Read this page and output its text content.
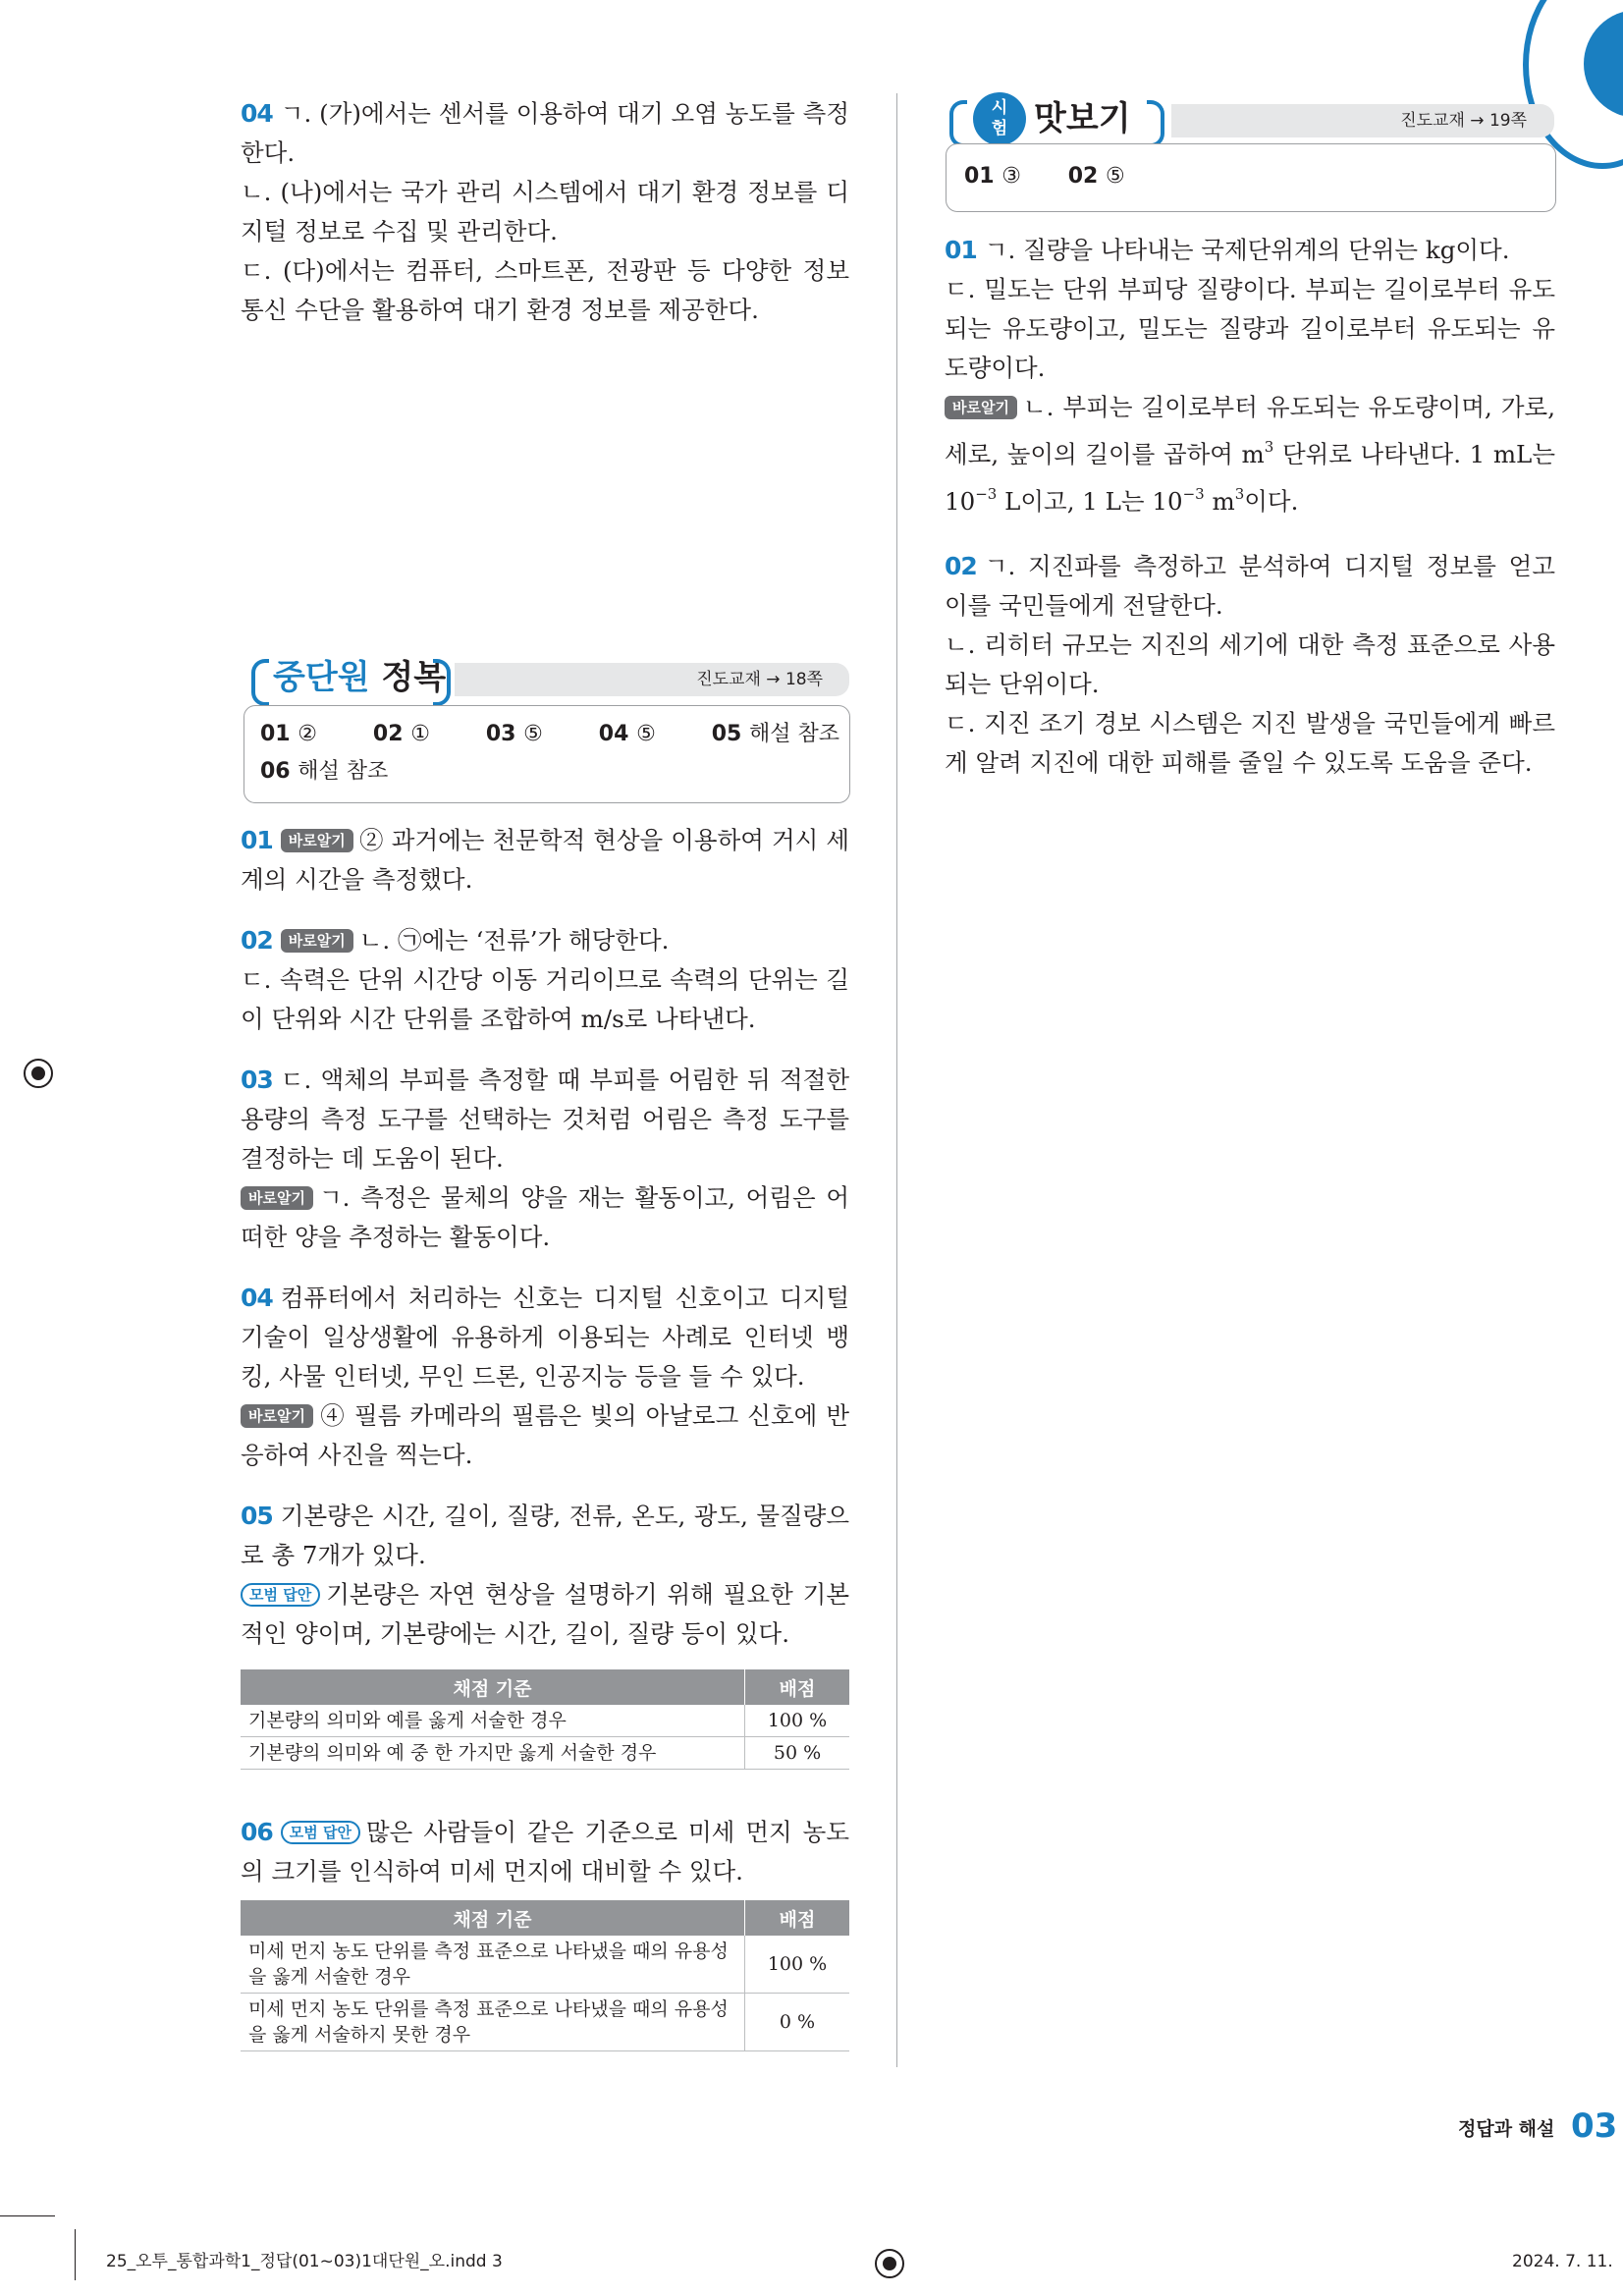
04 ㄱ. (가)에서는 센서를 이용하여 대기 오염 농도를 측정한다.

ㄴ. (나)에서는 국가 관리 시스템에서 대기 환경 정보를 디지털 정보로 수집 및 관리한다.

ㄷ. (다)에서는 컴퓨터, 스마트폰, 전광판 등 다양한 정보 통신 수단을 활용하여 대기 환경 정보를 제공한다.

중단원 정복	진도교재 → 18쪽
01 ②	02 ①	03 ⑤	04 ⑤	05 해설 참조
06 해설 참조

01 바로알기 ② 과거에는 천문학적 현상을 이용하여 거시 세계의 시간을 측정했다.

02 바로알기 ㄴ. ㉠에는 ‘전류’가 해당한다.

ㄷ. 속력은 단위 시간당 이동 거리이므로 속력의 단위는 길이 단위와 시간 단위를 조합하여 m/s로 나타낸다.

03 ㄷ. 액체의 부피를 측정할 때 부피를 어림한 뒤 적절한 용량의 측정 도구를 선택하는 것처럼 어림은 측정 도구를 결정하는 데 도움이 된다.

바로알기 ㄱ. 측정은 물체의 양을 재는 활동이고, 어림은 어떠한 양을 추정하는 활동이다.

04 컴퓨터에서 처리하는 신호는 디지털 신호이고 디지털 기술이 일상생활에 유용하게 이용되는 사례로 인터넷 뱅킹, 사물 인터넷, 무인 드론, 인공지능 등을 들 수 있다.

바로알기 ④ 필름 카메라의 필름은 빛의 아날로그 신호에 반응하여 사진을 찍는다.

05 기본량은 시간, 길이, 질량, 전류, 온도, 광도, 물질량으로 총 7개가 있다.

모범 답안 기본량은 자연 현상을 설명하기 위해 필요한 기본적인 양이며, 기본량에는 시간, 길이, 질량 등이 있다.

채점 기준	배점
기본량의 의미와 예를 옳게 서술한 경우	100 %
기본량의 의미와 예 중 한 가지만 옳게 서술한 경우	50 %

06 모범 답안 많은 사람들이 같은 기준으로 미세 먼지 농도의 크기를 인식하여 미세 먼지에 대비할 수 있다.

채점 기준	배점
미세 먼지 농도 단위를 측정 표준으로 나타냈을 때의 유용성을 옳게 서술한 경우	100 %
미세 먼지 농도 단위를 측정 표준으로 나타냈을 때의 유용성을 옳게 서술하지 못한 경우	0 %
시
험 맛보기	진도교재 → 19쪽
01 ③ 02 ⑤

01 ㄱ. 질량을 나타내는 국제단위계의 단위는 kg이다.

ㄷ. 밀도는 단위 부피당 질량이다. 부피는 길이로부터 유도되는 유도량이고, 밀도는 질량과 길이로부터 유도되는 유도량이다.

바로알기 ㄴ. 부피는 길이로부터 유도되는 유도량이며, 가로, 세로, 높이의 길이를 곱하여 $m^3$ 단위로 나타낸다. 1 mL는 $10^{-3}$ L이고, 1 L는 $10^{-3}$ $m^3$이다.

02 ㄱ. 지진파를 측정하고 분석하여 디지털 정보를 얻고 이를 국민들에게 전달한다.

ㄴ. 리히터 규모는 지진의 세기에 대한 측정 표준으로 사용되는 단위이다.

ㄷ. 지진 조기 경보 시스템은 지진 발생을 국민들에게 빠르게 알려 지진에 대한 피해를 줄일 수 있도록 도움을 준다.

정답과 해설 03
25_오투_통합과학1_정답(01~03)1대단원_오.indd 3	2024. 7. 11.
